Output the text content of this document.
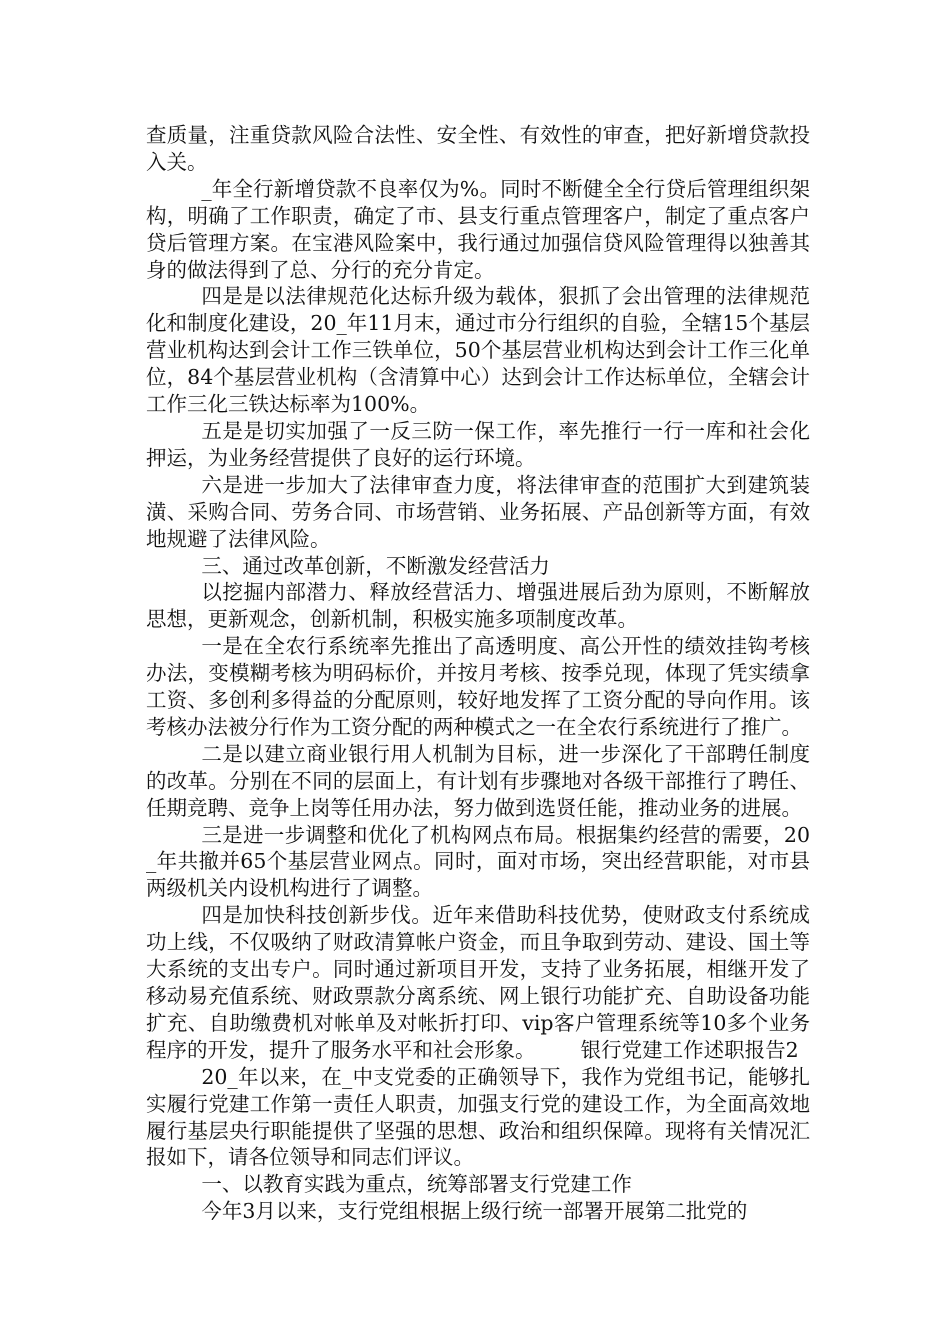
查质量，注重贷款风险合法性、安全性、有效性的审查，把好新增贷款投入关。

_年全行新增贷款不良率仅为%。同时不断健全全行贷后管理组织架构，明确了工作职责，确定了市、县支行重点管理客户，制定了重点客户贷后管理方案。在宝港风险案中，我行通过加强信贷风险管理得以独善其身的做法得到了总、分行的充分肯定。

四是是以法律规范化达标升级为载体，狠抓了会出管理的法律规范化和制度化建设，20_年11月末，通过市分行组织的自验，全辖15个基层营业机构达到会计工作三铁单位，50个基层营业机构达到会计工作三化单位，84个基层营业机构（含清算中心）达到会计工作达标单位，全辖会计工作三化三铁达标率为100%。

五是是切实加强了一反三防一保工作，率先推行一行一库和社会化押运，为业务经营提供了良好的运行环境。

六是进一步加大了法律审查力度，将法律审查的范围扩大到建筑装潢、采购合同、劳务合同、市场营销、业务拓展、产品创新等方面，有效地规避了法律风险。

三、通过改革创新，不断激发经营活力

以挖掘内部潜力、释放经营活力、增强进展后劲为原则，不断解放思想，更新观念，创新机制，积极实施多项制度改革。

一是在全农行系统率先推出了高透明度、高公开性的绩效挂钩考核办法，变模糊考核为明码标价，并按月考核、按季兑现，体现了凭实绩拿工资、多创利多得益的分配原则，较好地发挥了工资分配的导向作用。该考核办法被分行作为工资分配的两种模式之一在全农行系统进行了推广。

二是以建立商业银行用人机制为目标，进一步深化了干部聘任制度的改革。分别在不同的层面上，有计划有步骤地对各级干部推行了聘任、任期竞聘、竞争上岗等任用办法，努力做到选贤任能，推动业务的进展。

三是进一步调整和优化了机构网点布局。根据集约经营的需要，20_年共撤并65个基层营业网点。同时，面对市场，突出经营职能，对市县两级机关内设机构进行了调整。

四是加快科技创新步伐。近年来借助科技优势，使财政支付系统成功上线，不仅吸纳了财政清算帐户资金，而且争取到劳动、建设、国土等大系统的支出专户。同时通过新项目开发，支持了业务拓展，相继开发了移动易充值系统、财政票款分离系统、网上银行功能扩充、自助设备功能扩充、自助缴费机对帐单及对帐折打印、vip客户管理系统等10多个业务程序的开发，提升了服务水平和社会形象。 银行党建工作述职报告2

20_年以来，在_中支党委的正确领导下，我作为党组书记，能够扎实履行党建工作第一责任人职责，加强支行党的建设工作，为全面高效地履行基层央行职能提供了坚强的思想、政治和组织保障。现将有关情况汇报如下，请各位领导和同志们评议。

一、以教育实践为重点，统筹部署支行党建工作

今年3月以来，支行党组根据上级行统一部署开展第二批党的
